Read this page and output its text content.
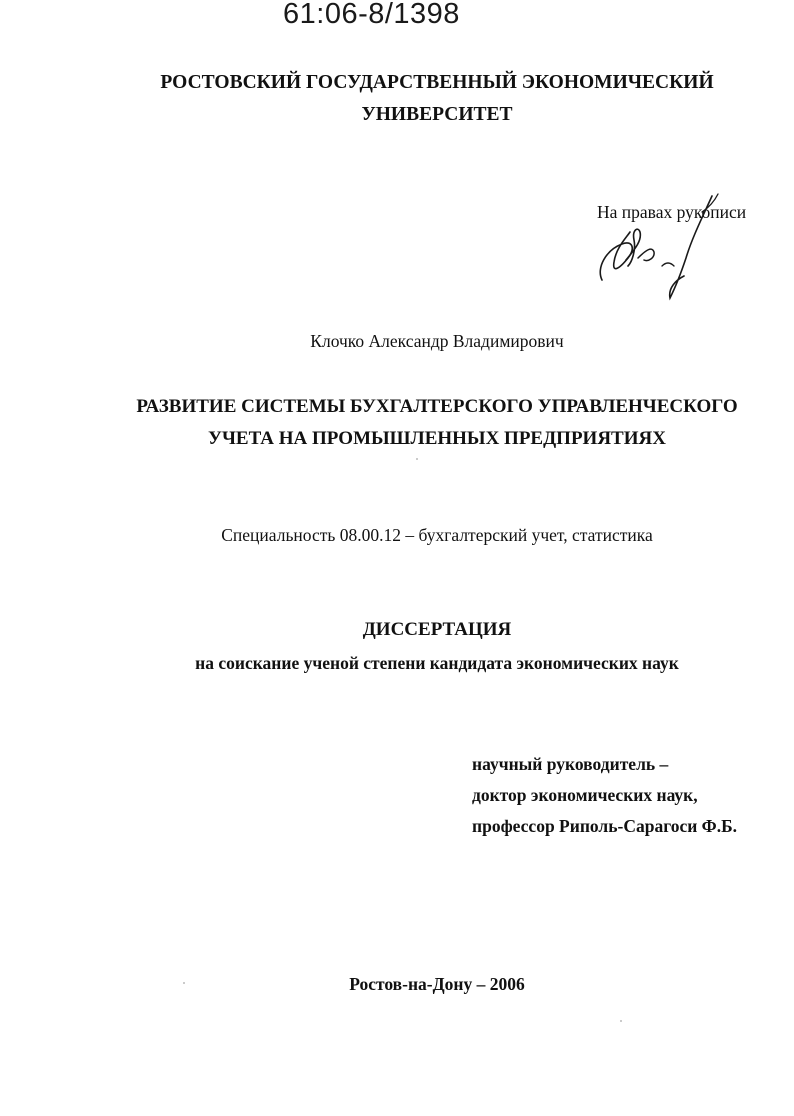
61:06-8/1398
РОСТОВСКИЙ ГОСУДАРСТВЕННЫЙ ЭКОНОМИЧЕСКИЙ
УНИВЕРСИТЕТ
На правах рукописи
Клочко Александр Владимирович
РАЗВИТИЕ СИСТЕМЫ БУХГАЛТЕРСКОГО УПРАВЛЕНЧЕСКОГО
УЧЕТА НА ПРОМЫШЛЕННЫХ ПРЕДПРИЯТИЯХ
Специальность 08.00.12 – бухгалтерский учет, статистика
ДИССЕРТАЦИЯ
на соискание ученой степени кандидата экономических наук
научный руководитель –
доктор экономических наук,
профессор Риполь-Сарагоси Ф.Б.
Ростов-на-Дону – 2006
